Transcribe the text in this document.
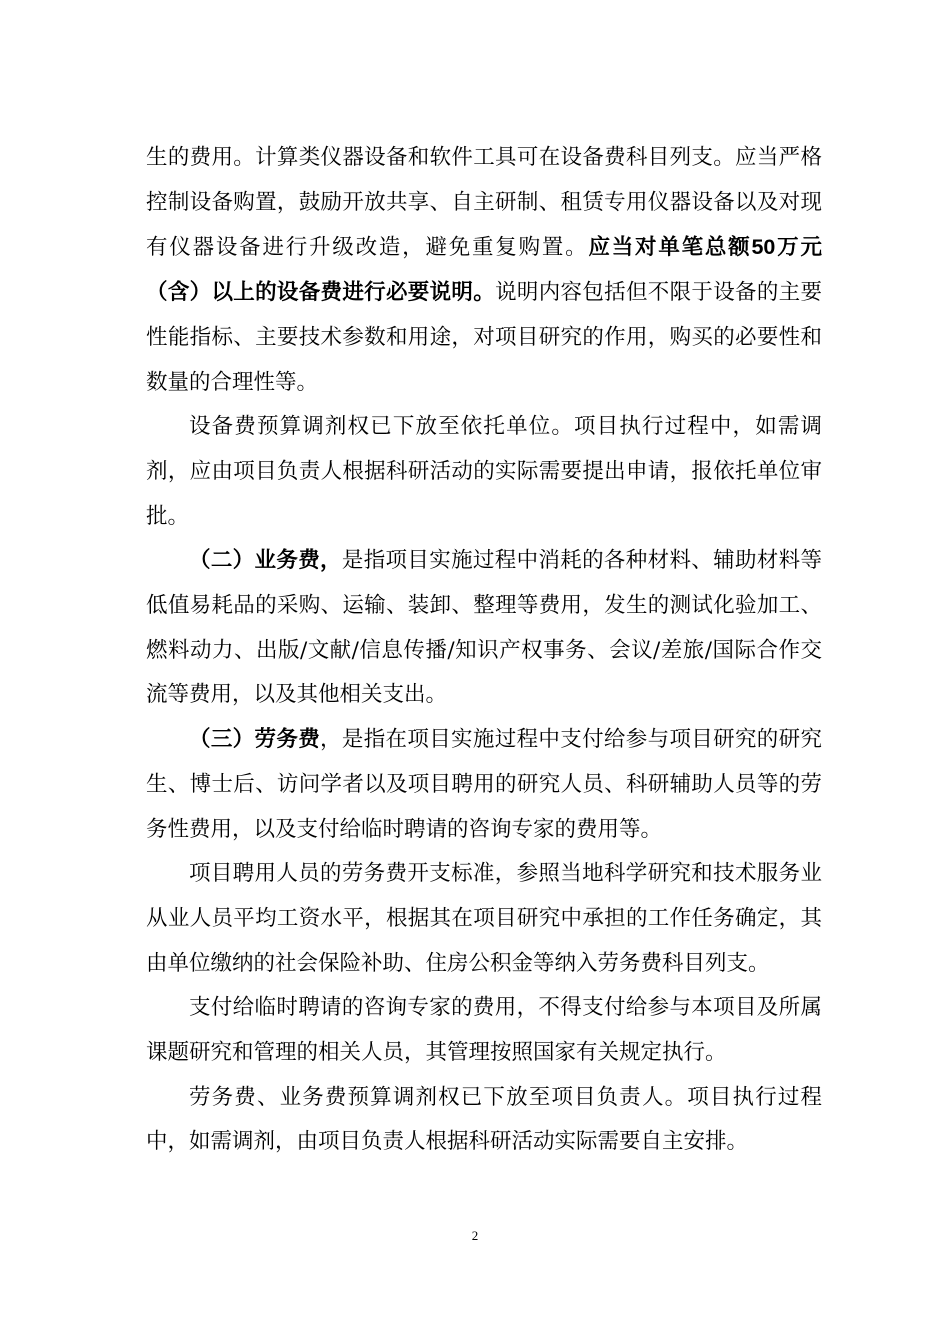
生的费用。计算类仪器设备和软件工具可在设备费科目列支。应当严格控制设备购置，鼓励开放共享、自主研制、租赁专用仪器设备以及对现有仪器设备进行升级改造，避免重复购置。应当对单笔总额50万元（含）以上的设备费进行必要说明。说明内容包括但不限于设备的主要性能指标、主要技术参数和用途，对项目研究的作用，购买的必要性和数量的合理性等。

设备费预算调剂权已下放至依托单位。项目执行过程中，如需调剂，应由项目负责人根据科研活动的实际需要提出申请，报依托单位审批。

（二）业务费，是指项目实施过程中消耗的各种材料、辅助材料等低值易耗品的采购、运输、装卸、整理等费用，发生的测试化验加工、燃料动力、出版/文献/信息传播/知识产权事务、会议/差旅/国际合作交流等费用，以及其他相关支出。

（三）劳务费，是指在项目实施过程中支付给参与项目研究的研究生、博士后、访问学者以及项目聘用的研究人员、科研辅助人员等的劳务性费用，以及支付给临时聘请的咨询专家的费用等。

项目聘用人员的劳务费开支标准，参照当地科学研究和技术服务业从业人员平均工资水平，根据其在项目研究中承担的工作任务确定，其由单位缴纳的社会保险补助、住房公积金等纳入劳务费科目列支。

支付给临时聘请的咨询专家的费用，不得支付给参与本项目及所属课题研究和管理的相关人员，其管理按照国家有关规定执行。

劳务费、业务费预算调剂权已下放至项目负责人。项目执行过程中，如需调剂，由项目负责人根据科研活动实际需要自主安排。

2
